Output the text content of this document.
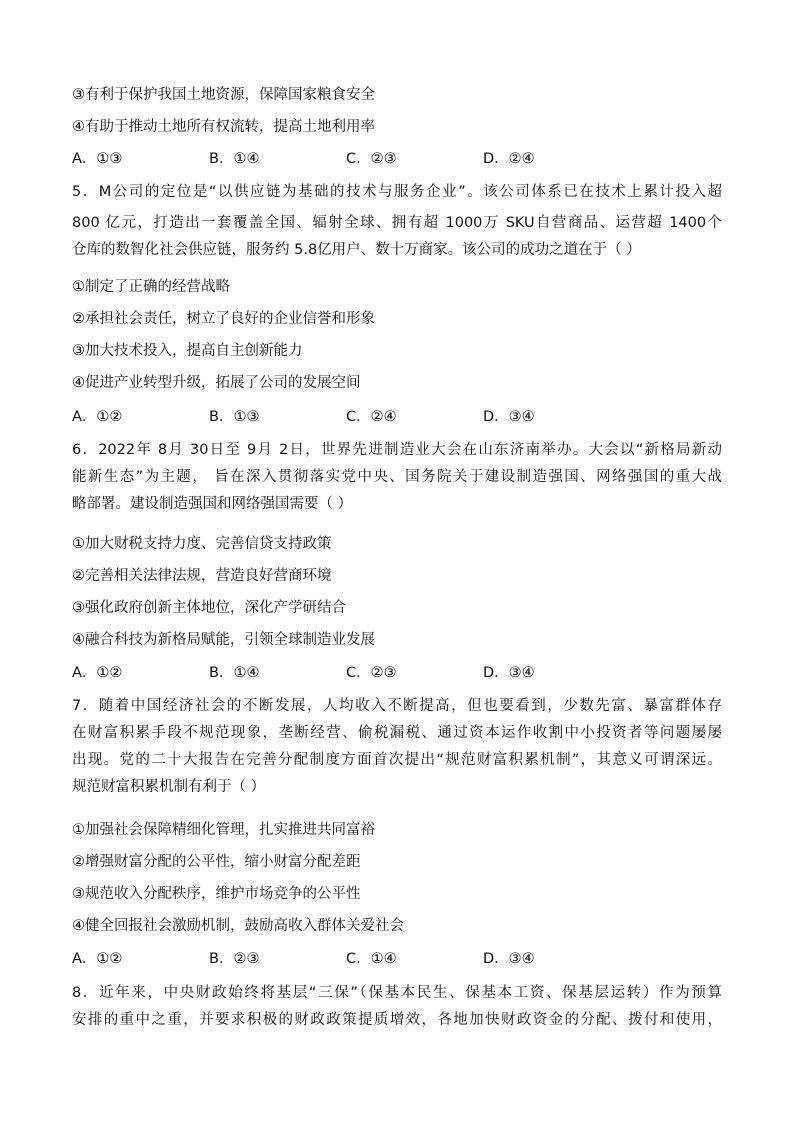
③有利于保护我国土地资源，保障国家粮食安全
④有助于推动土地所有权流转，提高土地利用率
A．①③	B．①④	C．②③	D．②④
5．M公司的定位是“以供应链为基础的技术与服务企业”。该公司体系已在技术上累计投入超
800 亿元，打造出一套覆盖全国、辐射全球、拥有超 1000万 SKU自营商品、运营超 1400个
仓库的数智化社会供应链，服务约 5.8亿用户、数十万商家。该公司的成功之道在于（ ）
①制定了正确的经营战略
②承担社会责任，树立了良好的企业信誉和形象
③加大技术投入，提高自主创新能力
④促进产业转型升级，拓展了公司的发展空间
A．①②	B．①③	C．②④	D．③④
6．2022年 8月 30日至 9月 2日，世界先进制造业大会在山东济南举办。大会以“新格局新动
能新生态”为主题， 旨在深入贯彻落实党中央、国务院关于建设制造强国、网络强国的重大战
略部署。建设制造强国和网络强国需要（ ）
①加大财税支持力度、完善信贷支持政策
②完善相关法律法规，营造良好营商环境
③强化政府创新主体地位，深化产学研结合
④融合科技为新格局赋能，引领全球制造业发展
A．①②	B．①④	C．②③	D．③④
7．随着中国经济社会的不断发展，人均收入不断提高，但也要看到，少数先富、暴富群体存
在财富积累手段不规范现象，垄断经营、偷税漏税、通过资本运作收割中小投资者等问题屡屡
出现。党的二十大报告在完善分配制度方面首次提出“规范财富积累机制”，其意义可谓深远。
规范财富积累机制有利于（ ）
①加强社会保障精细化管理，扎实推进共同富裕
②增强财富分配的公平性，缩小财富分配差距
③规范收入分配秩序，维护市场竞争的公平性
④健全回报社会激励机制，鼓励高收入群体关爱社会
A．①②	B．②③	C．①④	D．③④
8．近年来，中央财政始终将基层“三保”（保基本民生、保基本工资、保基层运转）作为预算
安排的重中之重，并要求积极的财政政策提质增效，各地加快财政资金的分配、拨付和使用，
